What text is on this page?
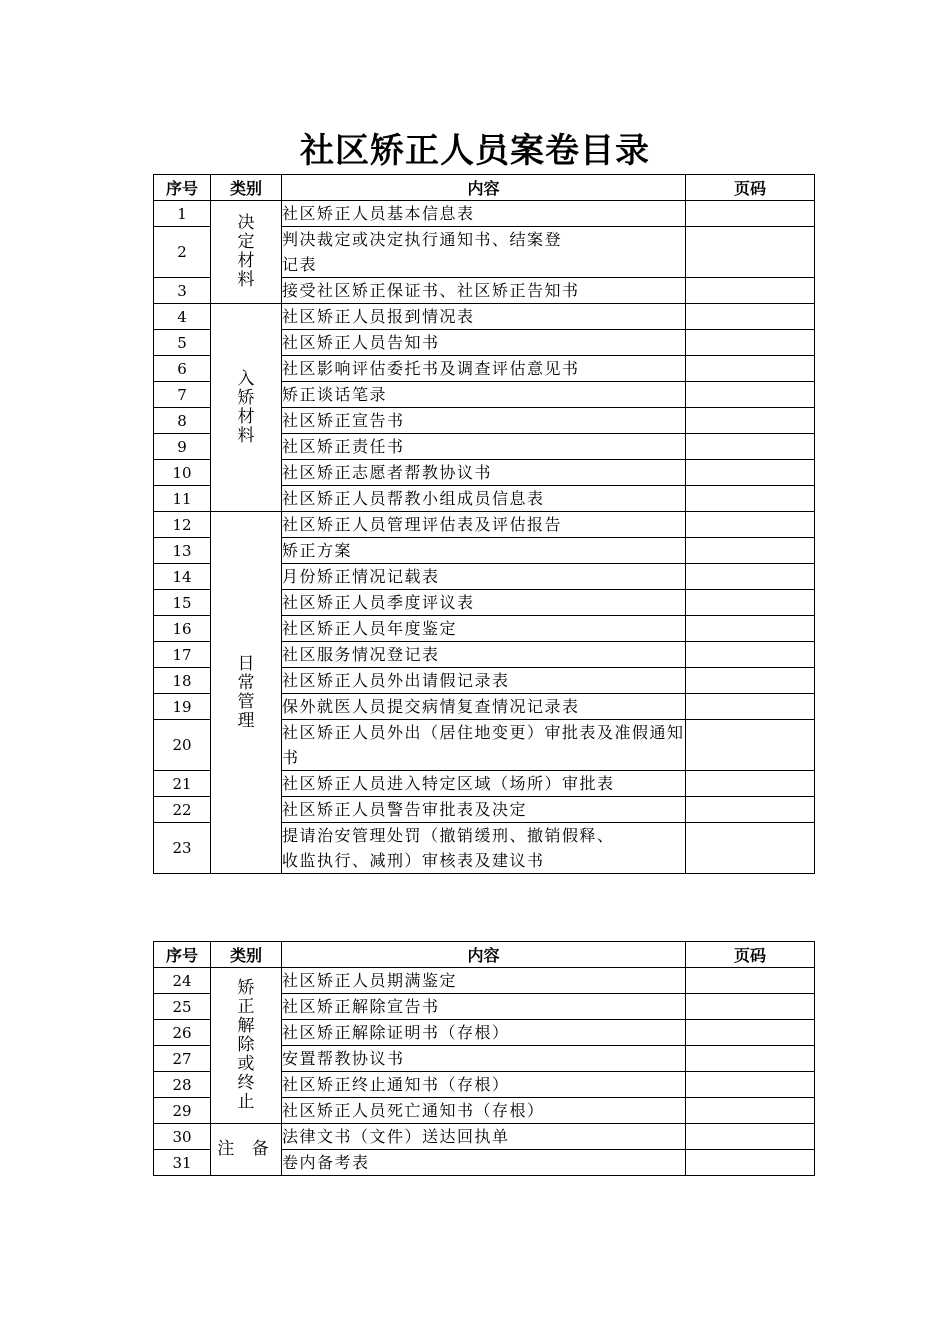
社区矫正人员案卷目录
序号	类别	内容	页码
1	决定材料	社区矫正人员基本信息表	
2		判决裁定或决定执行通知书、结案登记表	
3		接受社区矫正保证书、社区矫正告知书	
4	入矫材料	社区矫正人员报到情况表	
5		社区矫正人员告知书	
6		社区影响评估委托书及调查评估意见书	
7		矫正谈话笔录	
8		社区矫正宣告书	
9		社区矫正责任书	
10		社区矫正志愿者帮教协议书	
11		社区矫正人员帮教小组成员信息表	
12	日常管理	社区矫正人员管理评估表及评估报告	
13		矫正方案	
14		月份矫正情况记载表	
15		社区矫正人员季度评议表	
16		社区矫正人员年度鉴定	
17		社区服务情况登记表	
18		社区矫正人员外出请假记录表	
19		保外就医人员提交病情复查情况记录表	
20		社区矫正人员外出（居住地变更）审批表及准假通知书	
21		社区矫正人员进入特定区域（场所）审批表	
22		社区矫正人员警告审批表及决定	
23		提请治安管理处罚（撤销缓刑、撤销假释、收监执行、减刑）审核表及建议书	
序号	类别	内容	页码
24	矫正解除或终止	社区矫正人员期满鉴定	
25		社区矫正解除宣告书	
26		社区矫正解除证明书（存根）	
27		安置帮教协议书	
28		社区矫正终止通知书（存根）	
29		社区矫正人员死亡通知书（存根）	
30	注 备	法律文书（文件）送达回执单	
31		卷内备考表	
